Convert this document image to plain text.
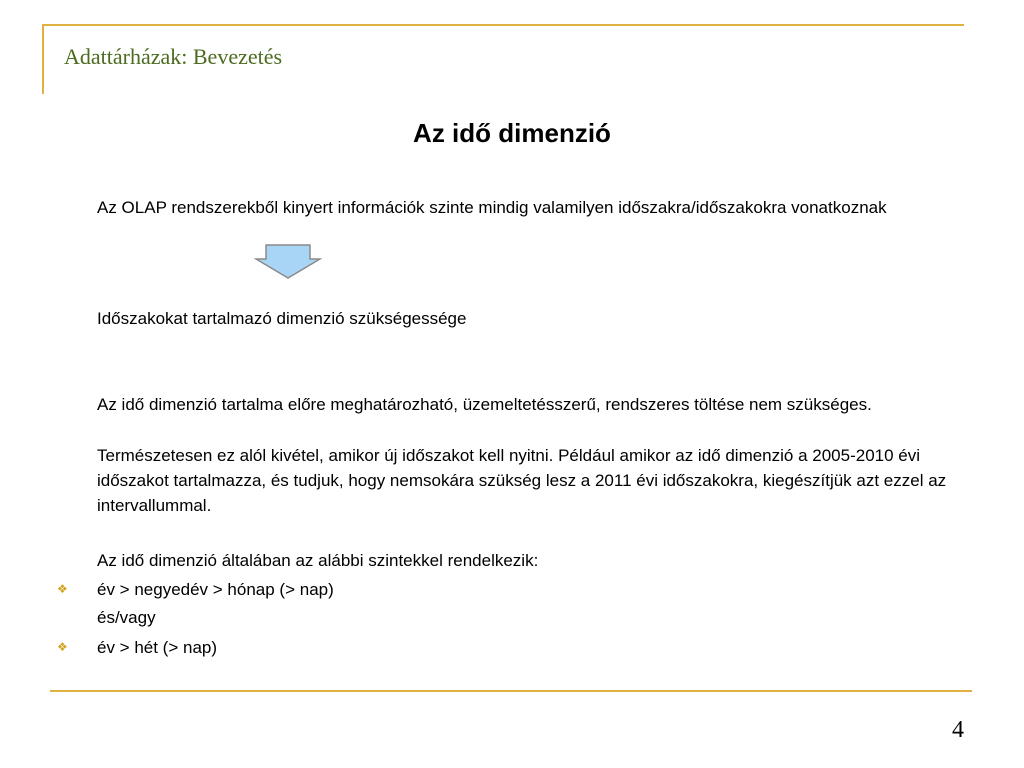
Adattárházak: Bevezetés
Az idő dimenzió
Az OLAP rendszerekből kinyert információk szinte mindig valamilyen időszakra/időszakokra vonatkoznak
Időszakokat tartalmazó dimenzió szükségessége
Az idő dimenzió tartalma előre meghatározható, üzemeltetésszerű, rendszeres töltése nem szükséges.
Természetesen ez alól kivétel, amikor új időszakot kell nyitni. Például amikor az idő dimenzió a 2005-2010 évi időszakot tartalmazza, és tudjuk, hogy nemsokára szükség lesz a 2011 évi időszakokra, kiegészítjük azt ezzel az intervallummal.
Az idő dimenzió általában az alábbi szintekkel rendelkezik:
❖ év > negyedév > hónap (> nap)
és/vagy
❖ év > hét (> nap)
4
